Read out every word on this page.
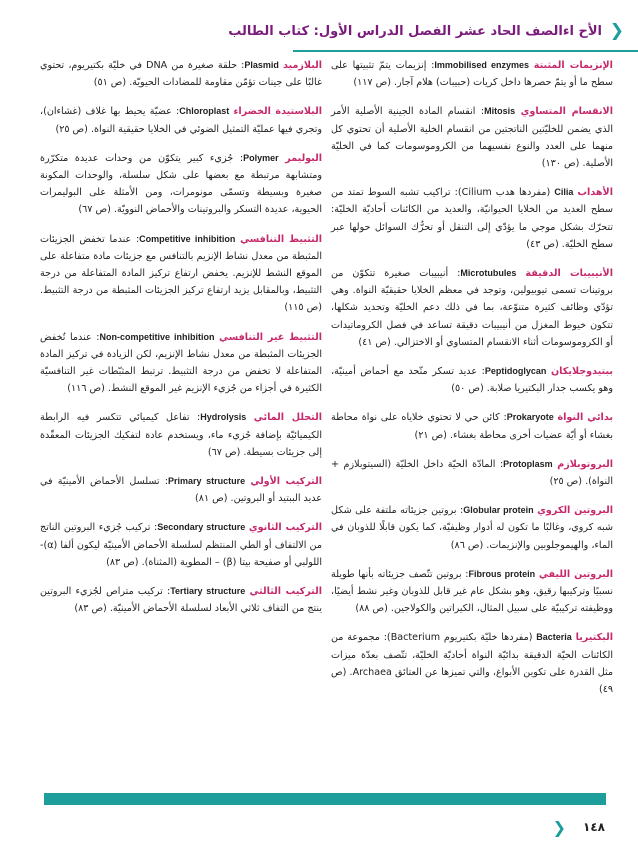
❮
الأح اءالصف الحاد عشر الفصل الدراس الأول: كتاب الطالب

الإنزيمات المثبتة Immobilised enzymes: إنزيمات يتمّ تثبيتها على سطح ما أو يتمّ حصرها داخل كريات (حبيبات) هلام آجار. (ص ١١٧)

الانقسام المتساوي Mitosis: انقسام المادة الجينية الأصلية الأمر الذي يضمن للخليّتين الناتجتين من انقسام الخلية الأصلية أن تحتوي كل منهما على العدد والنوع نفسيهما من الكروموسومات كما في الخليّة الأصلية. (ص ١٣٠)

الأهداب Cilia (مفردها هدب Cilium): تراكيب تشبه السوط تمتد من سطح العديد من الخلايا الحيوانيّة، والعديد من الكائنات أحاديّة الخليّة: تتحرّك بشكل موجي ما يؤدّي إلى التنقل أو تحرُّك السوائل حولها عبر سطح الخليّة. (ص ٤٣)

الأنيبيبات الدقيقة Microtubules: أنيبيبات صغيرة تتكوّن من بروتينات تسمى تيوبيولين، وتوجد في معظم الخلايا حقيقيّة النواة. وهي تؤدّي وظائف كثيرة متنوّعة، بما في ذلك دعم الخليّة وتحديد شكلها، تتكون خيوط المغزل من أنيبيبات دقيقة تساعد في فصل الكروماتيدات أو الكروموسومات أثناء الانقسام المتساوي أو الاختزالي. (ص ٤١)

ببتيدوجلايكان Peptidoglycan: عديد تسكر متّحد مع أحماض أمينيّة، وهو يكسب جدار البكتيريا صلابة. (ص ٥٠)

بدائي النواة Prokaryote: كائن حي لا تحتوي خلاياه على نواة محاطة بغشاء أو أيّة عضيات أخرى محاطة بغشاء. (ص ٢١)

البروتوبلازم Protoplasm: المادّة الحيّة داخل الخليّة (السيتوبلازم + النواة). (ص ٢٥)

البروتين الكروي Globular protein: بروتين جزيئاته ملتفة على شكل شبه كروي، وغالبًا ما تكون له أدوار وظيفيّة، كما يكون قابلًا للذوبان في الماء، والهيموجلوبين والإنزيمات. (ص ٨٦)

البروتين الليفي Fibrous protein: بروتين تتّصف جزيئاته بأنها طويلة نسبيًا وتركيبها رقيق، وهو بشكل عام غير قابل للذوبان وغير نشط أيضيًا، ووظيفته تركيبيّة على سبيل المثال، الكيراتين والكولاجين. (ص ٨٨)

البكتيريا Bacteria (مفردها خليّة بكتيريوم Bacterium): مجموعة من الكائنات الحيّة الدقيقة بدائيّة النواة أحاديّة الخليّة، تتّصف بعدّة ميزات مثل القدرة على تكوين الأبواغ، والتي تميزها عن العتائق Archaea. (ص ٤٩)

البلازميد Plasmid: حلقة صغيرة من DNA في خليّة بكتيريوم، تحتوي غالبًا على جينات تؤمّن مقاومة للمضادات الحيويّة. (ص ٥١)

البلاستيدة الخضراء Chloroplast: عضيّة يحيط بها غلاف (غشاءان)، وتجري فيها عمليّة التمثيل الضوئي في الخلايا حقيقية النواة. (ص ٢٥)

البوليمر Polymer: جُزيء كبير يتكوّن من وحدات عديدة متكرّرة ومتشابهة مرتبطة مع بعضها على شكل سلسلة، والوحدات المكونة صغيرة وبسيطة وتسمّى مونومرات، ومن الأمثلة على البوليمرات الحيوية، عديدة التسكر والبروتينات والأحماض النوويّة. (ص ٦٧)

التثبيط التنافسي Competitive inhibition: عندما تخفض الجزيئات المثبطة من معدل نشاط الإنزيم بالتنافس مع جزيئات مادة متفاعلة على الموقع النشط للإنزيم. يخفض ارتفاع تركيز المادة المتفاعلة من درجة التثبيط، وبالمقابل يزيد ارتفاع تركيز الجزيئات المثبطة من درجة التثبيط. (ص ١١٥)

التثبيط غير التنافسي Non-competitive inhibition: عندما تُخفض الجزيئات المثبطة من معدل نشاط الإنزيم، لكن الزيادة في تركيز المادة المتفاعلة لا تخفض من درجة التثبيط. ترتبط المثبّطات غير التنافسيّة الكثيرة في أجزاء من جُزيء الإنزيم غير الموقع النشط. (ص ١١٦)

التحلل المائي Hydrolysis: تفاعل كيميائي تتكسر فيه الرابطة الكيميائيّة بإضافة جُزيء ماء، ويستخدم عادة لتفكيك الجزيئات المعقّدة إلى جزيئات بسيطة. (ص ٦٧)

التركيب الأولي Primary structure: تسلسل الأحماض الأمينيّة في عديد الببتيد أو البروتين. (ص ٨١)

التركيب الثانوي Secondary structure: تركيب جُزيء البروتين الناتج من الالتفاف أو الطي المنتظم لسلسلة الأحماض الأمينيّة ليكون ألفا (α)- اللولبي أو صفيحة بيتا (β) – المطوية (المثناة). (ص ٨٣)

التركيب الثالثي Tertiary structure: تركيب متراص لجُزيء البروتين ينتج من التفاف ثلاثي الأبعاد لسلسلة الأحماض الأمينيّة. (ص ٨٣)

١٤٨
❮
